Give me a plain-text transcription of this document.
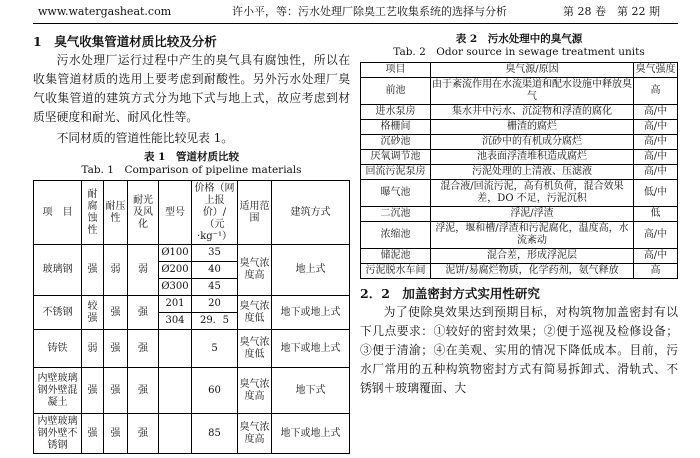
www.watergasheat.com	许小平，等：污水处理厂除臭工艺收集系统的选择与分析	第 28 卷 第 22 期
1　臭气收集管道材质比较及分析

污水处理厂运行过程中产生的臭气具有腐蚀性，所以在收集管道材质的选用上要考虑到耐酸性。另外污水处理厂臭气收集管道的建筑方式分为地下式与地上式，故应考虑到材质坚硬度和耐光、耐风化性等。

不同材质的管道性能比较见表 1。

表 1　管道材质比较

Tab. 1　Comparison of pipeline materials

项　目	耐腐蚀性	耐压性	耐光及风化	型号	价格（网上报价）/（元·kg⁻¹）	适用范围	建筑方式
玻璃钢	强	弱	弱	Ø100	35	臭气浓度高	地上式
				Ø200	40		
				Ø300	45		
不锈钢	较强	强	强	201	20	臭气浓度低	地下或地上式
				304	29．5		
铸铁	弱	强	强		5	臭气浓度低	地下或地上式
内壁玻璃钢外壁混凝土	强	强	强		60	臭气浓度高	地下式
内壁玻璃钢外壁不锈钢	强	强	强		85	臭气浓度高	地下或地上式

表 2　污水处理中的臭气源

Tab. 2　Odor source in sewage treatment units

项目	臭气源/原因	臭气强度
前池	由于紊流作用在水流渠道和配水设施中释放臭气	高
进水泵房	集水井中污水、沉淀物和浮渣的腐化	高/中
格栅间	栅渣的腐烂	高/中
沉砂池	沉砂中的有机成分腐烂	高/中
厌氧调节池	池表面浮渣堆积造成腐烂	高/中
回流污泥泵房	污泥处理的上清液、压滤液	高/中
曝气池	混合液/回流污泥，高有机负荷，混合效果差，DO 不足，污泥沉积	低/中
二沉池	浮泥/浮渣	低
浓缩池	浮泥，堰和槽/浮渣和污泥腐化，温度高，水流紊动	高/中
储泥池	混合差，形成浮泥层	高/中
污泥脱水车间	泥饼/易腐烂物质，化学药剂，氨气释放	高
2．2　加盖密封方式实用性研究

为了使除臭效果达到预期目标，对构筑物加盖密封有以下几点要求：①较好的密封效果；②便于巡视及检修设备；③便于清渝；④在美观、实用的情况下降低成本。目前，污水厂常用的五种构筑物密封方式有简易拆卸式、滑轨式、不锈钢＋玻璃覆面、大
